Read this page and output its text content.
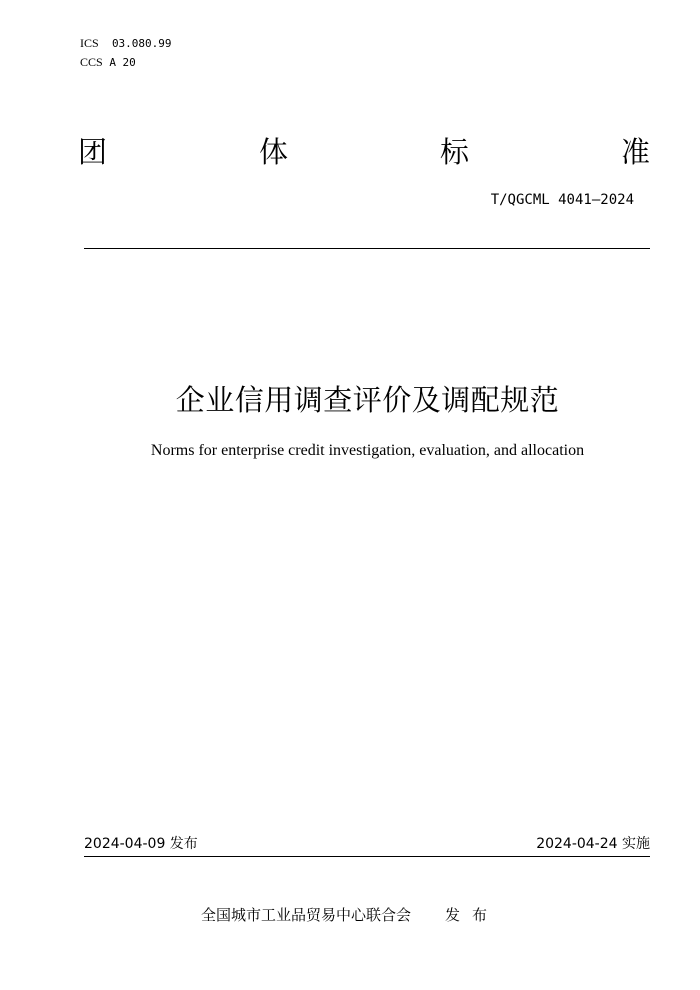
ICS 03.080.99
CCS A 20
团	体	标	准
T/QGCML 4041—2024
企业信用调查评价及调配规范
Norms for enterprise credit investigation, evaluation, and allocation
2024-04-09 发布	2024-04-24 实施
全国城市工业品贸易中心联合会 发布
